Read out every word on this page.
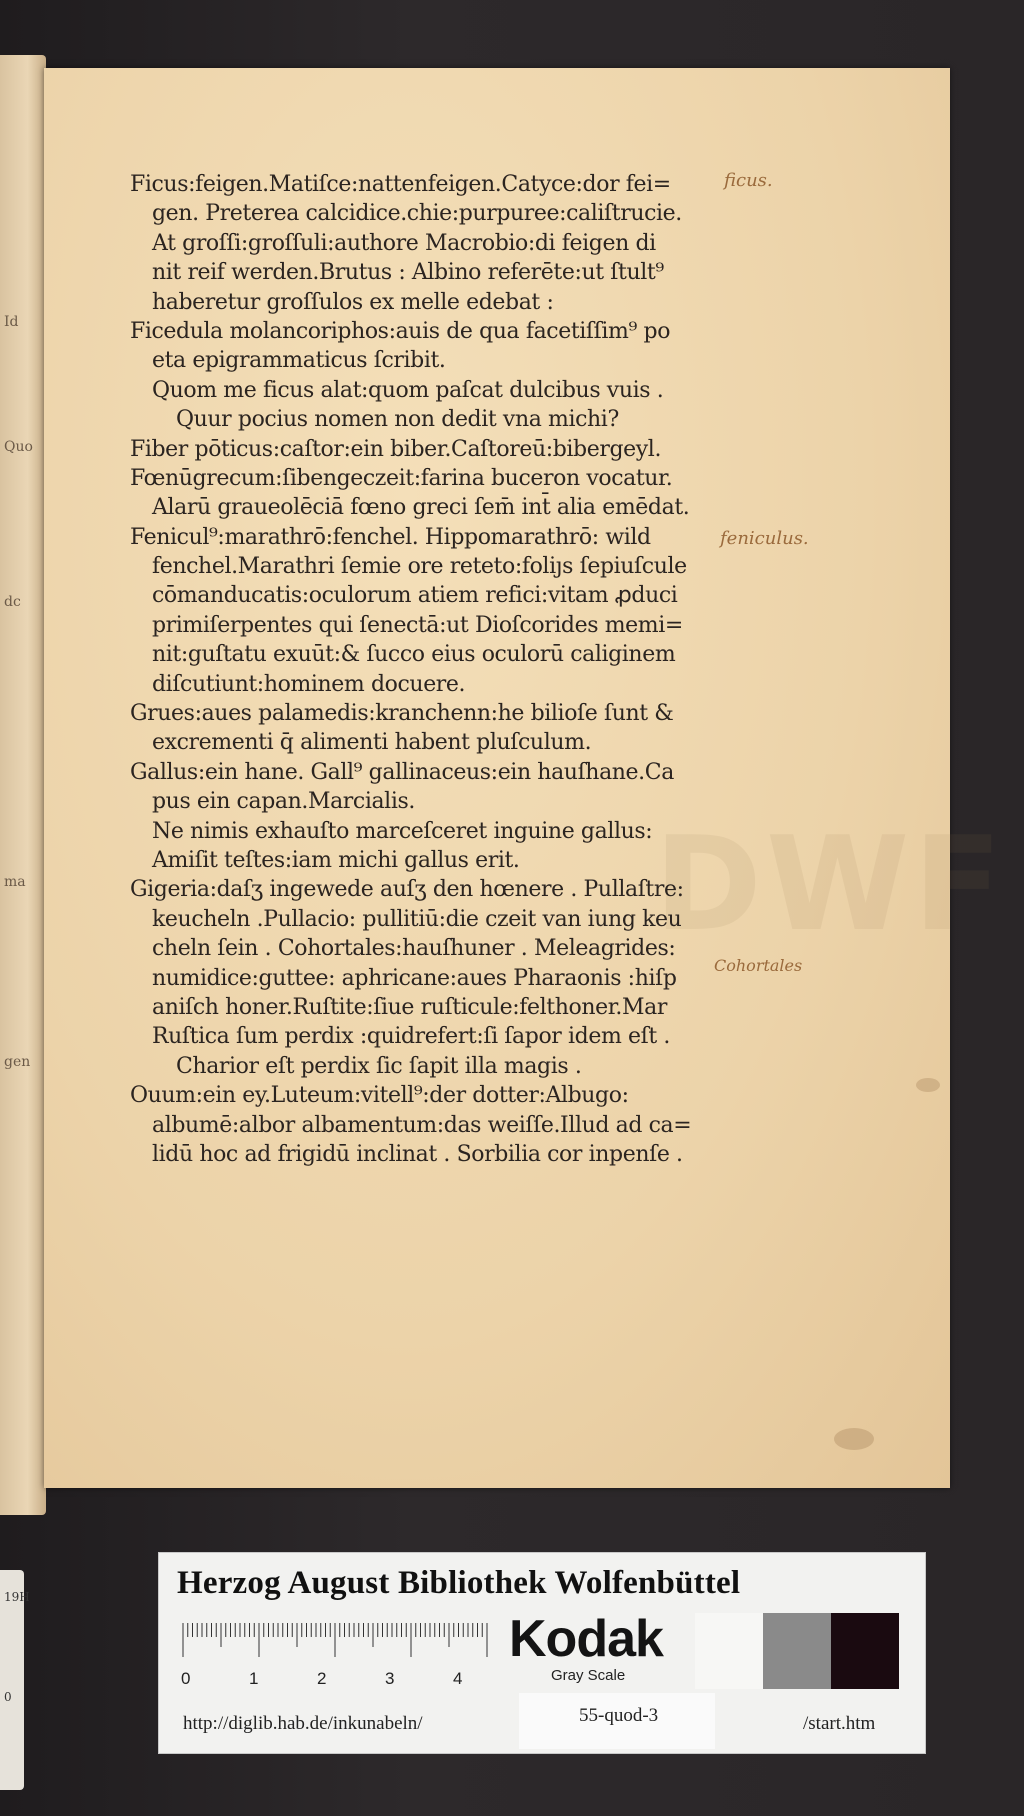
Id
dc
Quo
ma
gen
DWF
Ficus:feigen.Matiſce:nattenfeigen.Catyce:dor fei=
gen. Preterea calcidice.chie:purpuree:caliſtrucie.
At groſſi:groſſuli:authore Macrobio:di feigen di
nit reif werden.Brutus : Albino referēte:ut ſtult⁹
haberetur groſſulos ex melle edebat :
Ficedula molancoriphos:auis de qua facetiſſim⁹ po
eta epigrammaticus ſcribit.
Quom me ficus alat:quom paſcat dulcibus vuis .
Quur pocius nomen non dedit vna michi?
Fiber pōticus:caſtor:ein biber.Caſtoreū:bibergeyl.
Fœnūgrecum:ſibengeczeit:farina buceron vocatur.
Alarū graueolēciā fœno greci ſem̄ int̄ alia emēdat.
Fenicul⁹:marathrō:fenchel. Hippomarathrō: wild
fenchel.Marathri ſemie ore reteto:foliȷs ſepiuſcule
cōmanducatis:oculorum atiem refici:vitam ꝓduci
primiſerpentes qui ſenectā:ut Dioſcorides memi=
nit:guſtatu exuūt:& ſucco eius oculorū caliginem
diſcutiunt:hominem docuere.
Grues:aues palamedis:kranchenn:he bilioſe ſunt &
excrementi q̄ alimenti habent pluſculum.
Gallus:ein hane. Gall⁹ gallinaceus:ein hauſhane.Ca
pus ein capan.Marcialis.
Ne nimis exhauſto marceſceret inguine gallus:
Amiſit teſtes:iam michi gallus erit.
Gigeria:daſʒ ingewede auſʒ den hœnere . Pullaſtre:
keucheln .Pullacio: pullitiū:die czeit van iung keu
cheln ſein . Cohortales:hauſhuner . Meleagrides:
numidice:guttee: aphricane:aues Pharaonis :hiſp
aniſch honer.Ruſtite:ſiue ruſticule:felthoner.Mar
Ruſtica ſum perdix :quidrefert:ſi ſapor idem eſt .
Charior eſt perdix ſic ſapit illa magis .
Ouum:ein ey.Luteum:vitell⁹:der dotter:Albugo:
albumē:albor albamentum:das weiſſe.Illud ad ca=
lidū hoc ad frigidū inclinat . Sorbilia cor inpenſe .
ficus.
feniculus.
Cohortales
19H
0
Herzog August Bibliothek Wolfenbüttel
0	1	2	3	4
Kodak
Gray Scale
http://diglib.hab.de/inkunabeln/	55-quod-3	/start.htm
